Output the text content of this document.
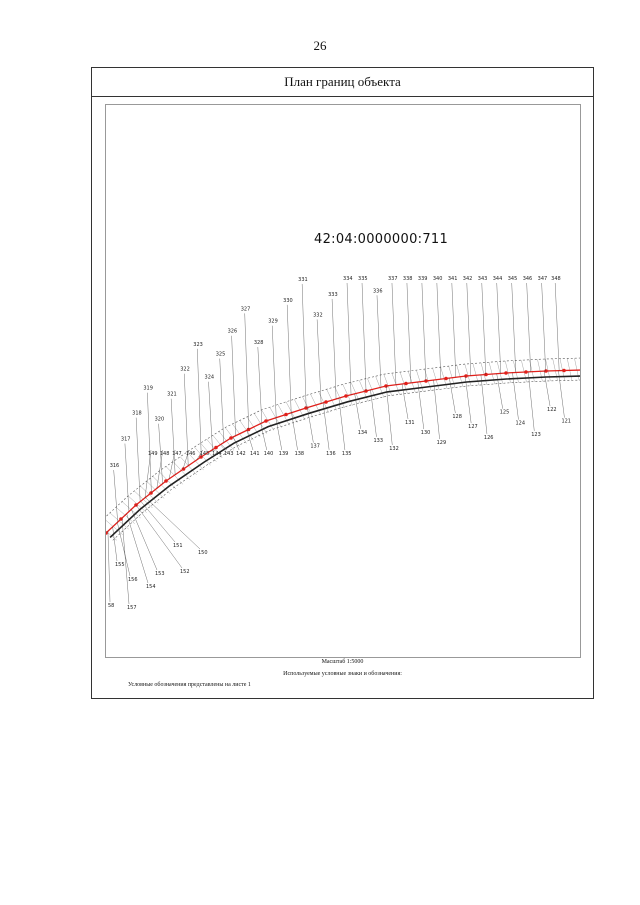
26
План границ объекта
316
317
318
319
320
321
322
323
324
325
326
327
328
329
330
331
332
333
334 335
336
337 338 339 340 341 342 343 344 345 346 347 348
58
155
156
157
154
153	152
151
150
149 148 147 146 145 144 143 142 141 140 139 138
137
136 135
134
133
132
131
130
129
128
127
126
125
124
123
122
121
42:04:0000000:711
Масштаб 1:5000
Используемые условные знаки и обозначения:
Условные обозначения представлены на листе 1
